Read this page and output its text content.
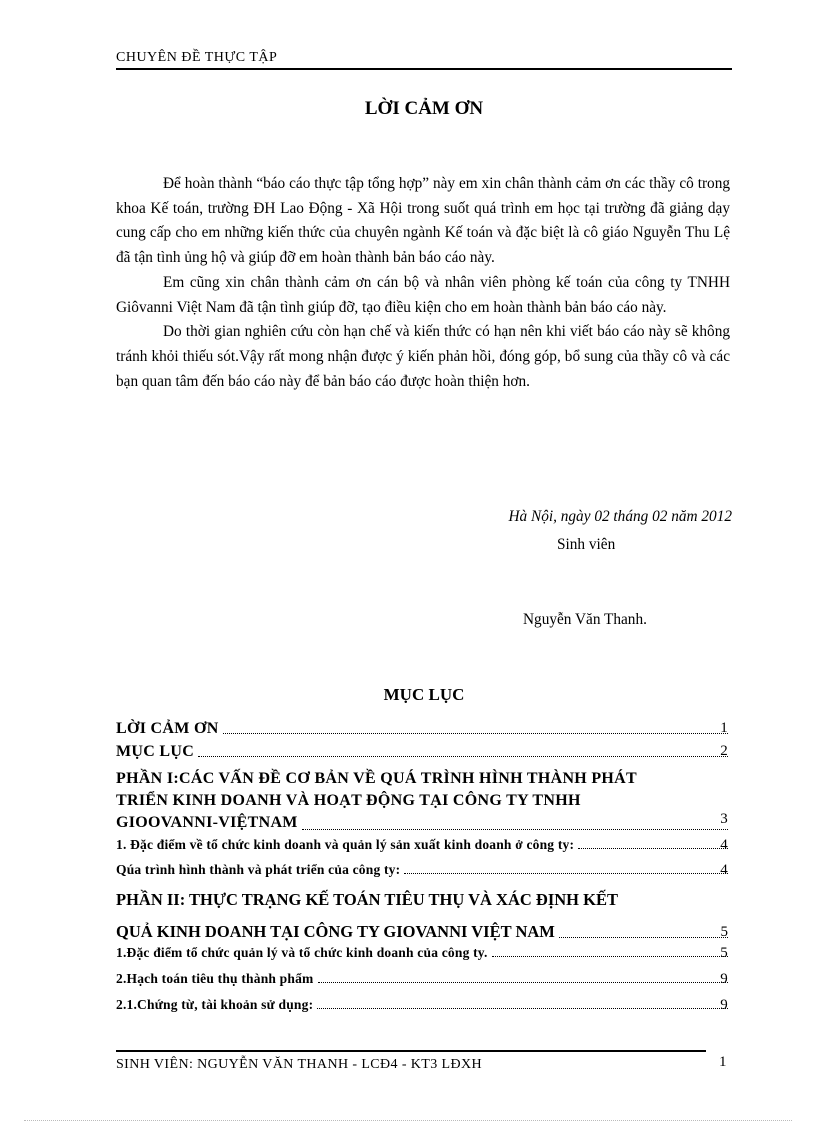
CHUYÊN ĐỀ THỰC TẬP
LỜI CẢM ƠN

Để hoàn thành “báo cáo thực tập tổng hợp” này em xin chân thành cảm ơn các thầy cô trong khoa Kế toán, trường ĐH Lao Động - Xã Hội trong suốt quá trình em học tại trường đã giảng dạy cung cấp cho em những kiến thức của chuyên ngành Kế toán và đặc biệt là cô giáo Nguyễn Thu Lệ đã tận tình ủng hộ và giúp đỡ em hoàn thành bản báo cáo này.

Em cũng xin chân thành cảm ơn cán bộ và nhân viên phòng kế toán của công ty TNHH Giôvanni Việt Nam đã tận tình giúp đỡ, tạo điều kiện cho em hoàn thành bản báo cáo này.

Do thời gian nghiên cứu còn hạn chế và kiến thức có hạn nên khi viết báo cáo này sẽ không tránh khỏi thiếu sót.Vậy rất mong nhận được ý kiến phản hồi, đóng góp, bổ sung của thầy cô và các bạn quan tâm đến báo cáo này để bản báo cáo được hoàn thiện hơn.

Hà Nội, ngày 02 tháng 02 năm 2012
Sinh viên
Nguyễn Văn Thanh.
MỤC LỤC
LỜI CẢM ƠN	1
MỤC LỤC	2
PHẦN I:CÁC VẤN ĐỀ CƠ BẢN VỀ QUÁ TRÌNH HÌNH THÀNH PHÁT
TRIỂN KINH DOANH VÀ HOẠT ĐỘNG TẠI CÔNG TY TNHH
GIOOVANNI-VIỆTNAM	3
1. Đặc điểm về tổ chức kinh doanh và quản lý sản xuất kinh doanh ở công ty:	4
Qúa trình hình thành và phát triển của công ty:	4
PHẦN II: THỰC TRẠNG KẾ TOÁN TIÊU THỤ VÀ XÁC ĐỊNH KẾT
QUẢ KINH DOANH TẠI CÔNG TY GIOVANNI VIỆT NAM	5
1.Đặc điểm tổ chức quản lý và tổ chức kinh doanh của công ty.	5
2.Hạch toán tiêu thụ thành phẩm	9
2.1.Chứng từ, tài khoản sử dụng:	9
SINH VIÊN: NGUYỄN VĂN THANH - LCĐ4 - KT3 LĐXH	1
